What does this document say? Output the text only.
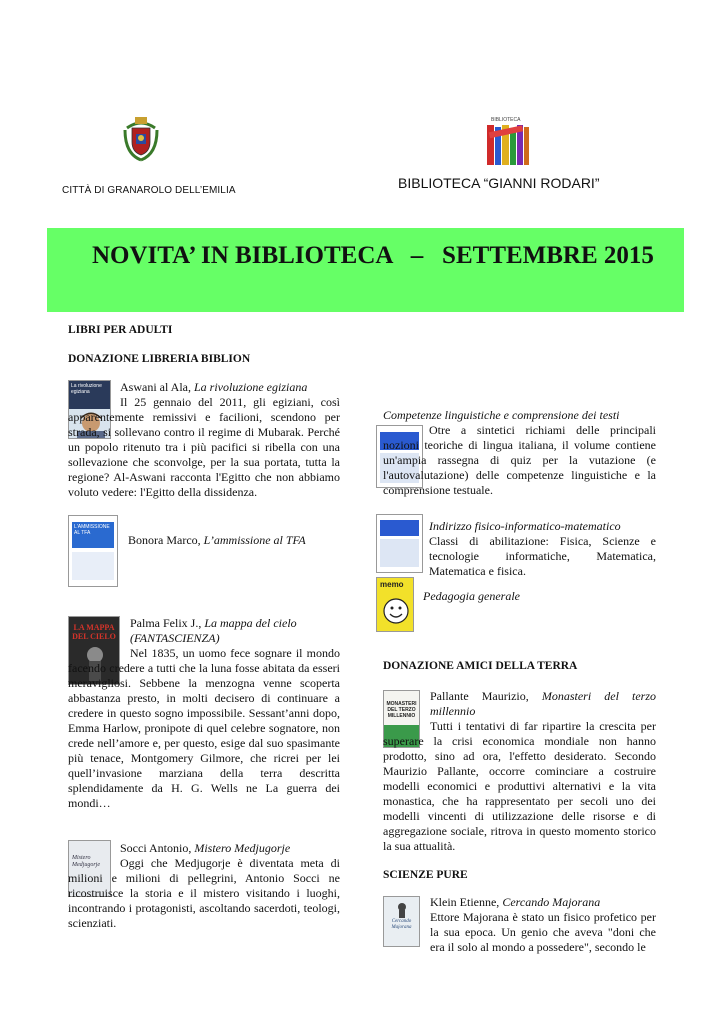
CITTÀ DI GRANAROLO DELL’EMILIA
BIBLIOTECA
BIBLIOTECA “GIANNI RODARI”
NOVITA’ IN BIBLIOTECA   –   SETTEMBRE 2015
LIBRI PER ADULTI
DONAZIONE LIBRERIA BIBLION
La rivoluzione egiziana	Aswani al Ala, La rivoluzione egiziana
Il 25 gennaio del 2011, gli egiziani, così apparentemente remissivi e facilioni, scendono per strada, si sollevano contro il regime di Mubarak. Perché un popolo ritenuto tra i più pacifici si ribella con una sollevazione che sconvolge, per la sua portata, tutta la regione? Al-Aswani racconta l'Egitto che non abbiamo voluto vedere: l'Egitto della dissidenza.
L'AMMISSIONE AL TFA	Bonora Marco, L’ammissione al TFA
LA MAPPA DEL CIELO
Palma Felix J., La mappa del cielo
(FANTASCIENZA)
Nel 1835, un uomo fece sognare il mondo facendo credere a tutti che la luna fosse abitata da esseri meravigliosi. Sebbene la menzogna venne scoperta abbastanza presto, in molti decisero di continuare a credere in questo sogno impossibile. Sessant’anni dopo, Emma Harlow, pronipote di quel celebre sognatore, non crede nell’amore e, per questo, esige dal suo spasimante più tenace, Montgomery Gilmore, che ricrei per lei quell’invasione marziana della terra descritta splendidamente da H. G. Wells ne La guerra dei mondi…
Mistero Medjugorje
Socci Antonio, Mistero Medjugorje
Oggi che Medjugorje è diventata meta di milioni e milioni di pellegrini, Antonio Socci ne ricostruisce la storia e il mistero visitando i luoghi, incontrando i protagonisti, ascoltando sacerdoti, teologi, scienziati.
Competenze linguistiche e comprensione dei testi
Otre a sintetici richiami delle principali nozioni teoriche di lingua italiana, il volume contiene un'ampia rassegna di quiz per la vutazione (e l'autovalutazione) delle competenze linguistiche e la comprensione testuale.
Indirizzo fisico-informatico-matematico
Classi di abilitazione: Fisica, Scienze e tecnologie informatiche, Matematica, Matematica e fisica.
memo
Pedagogia generale
DONAZIONE AMICI DELLA TERRA
MONASTERI DEL TERZO MILLENNIO
Pallante Maurizio, Monasteri del terzo millennio
Tutti i tentativi di far ripartire la crescita per superare la crisi economica mondiale non hanno prodotto, sino ad ora, l'effetto desiderato. Secondo Maurizio Pallante, occorre cominciare a costruire modelli economici e produttivi alternativi e la vita monastica, che ha rappresentato per secoli uno dei modelli vincenti di utilizzazione delle risorse e di aggregazione sociale, ritrova in questo momento storico la sua attualità.
SCIENZE PURE
Cercando Majorana
Klein Etienne, Cercando Majorana
Ettore Majorana è stato un fisico profetico per la sua epoca. Un genio che aveva "doni che era il solo al mondo a possedere", secondo le
